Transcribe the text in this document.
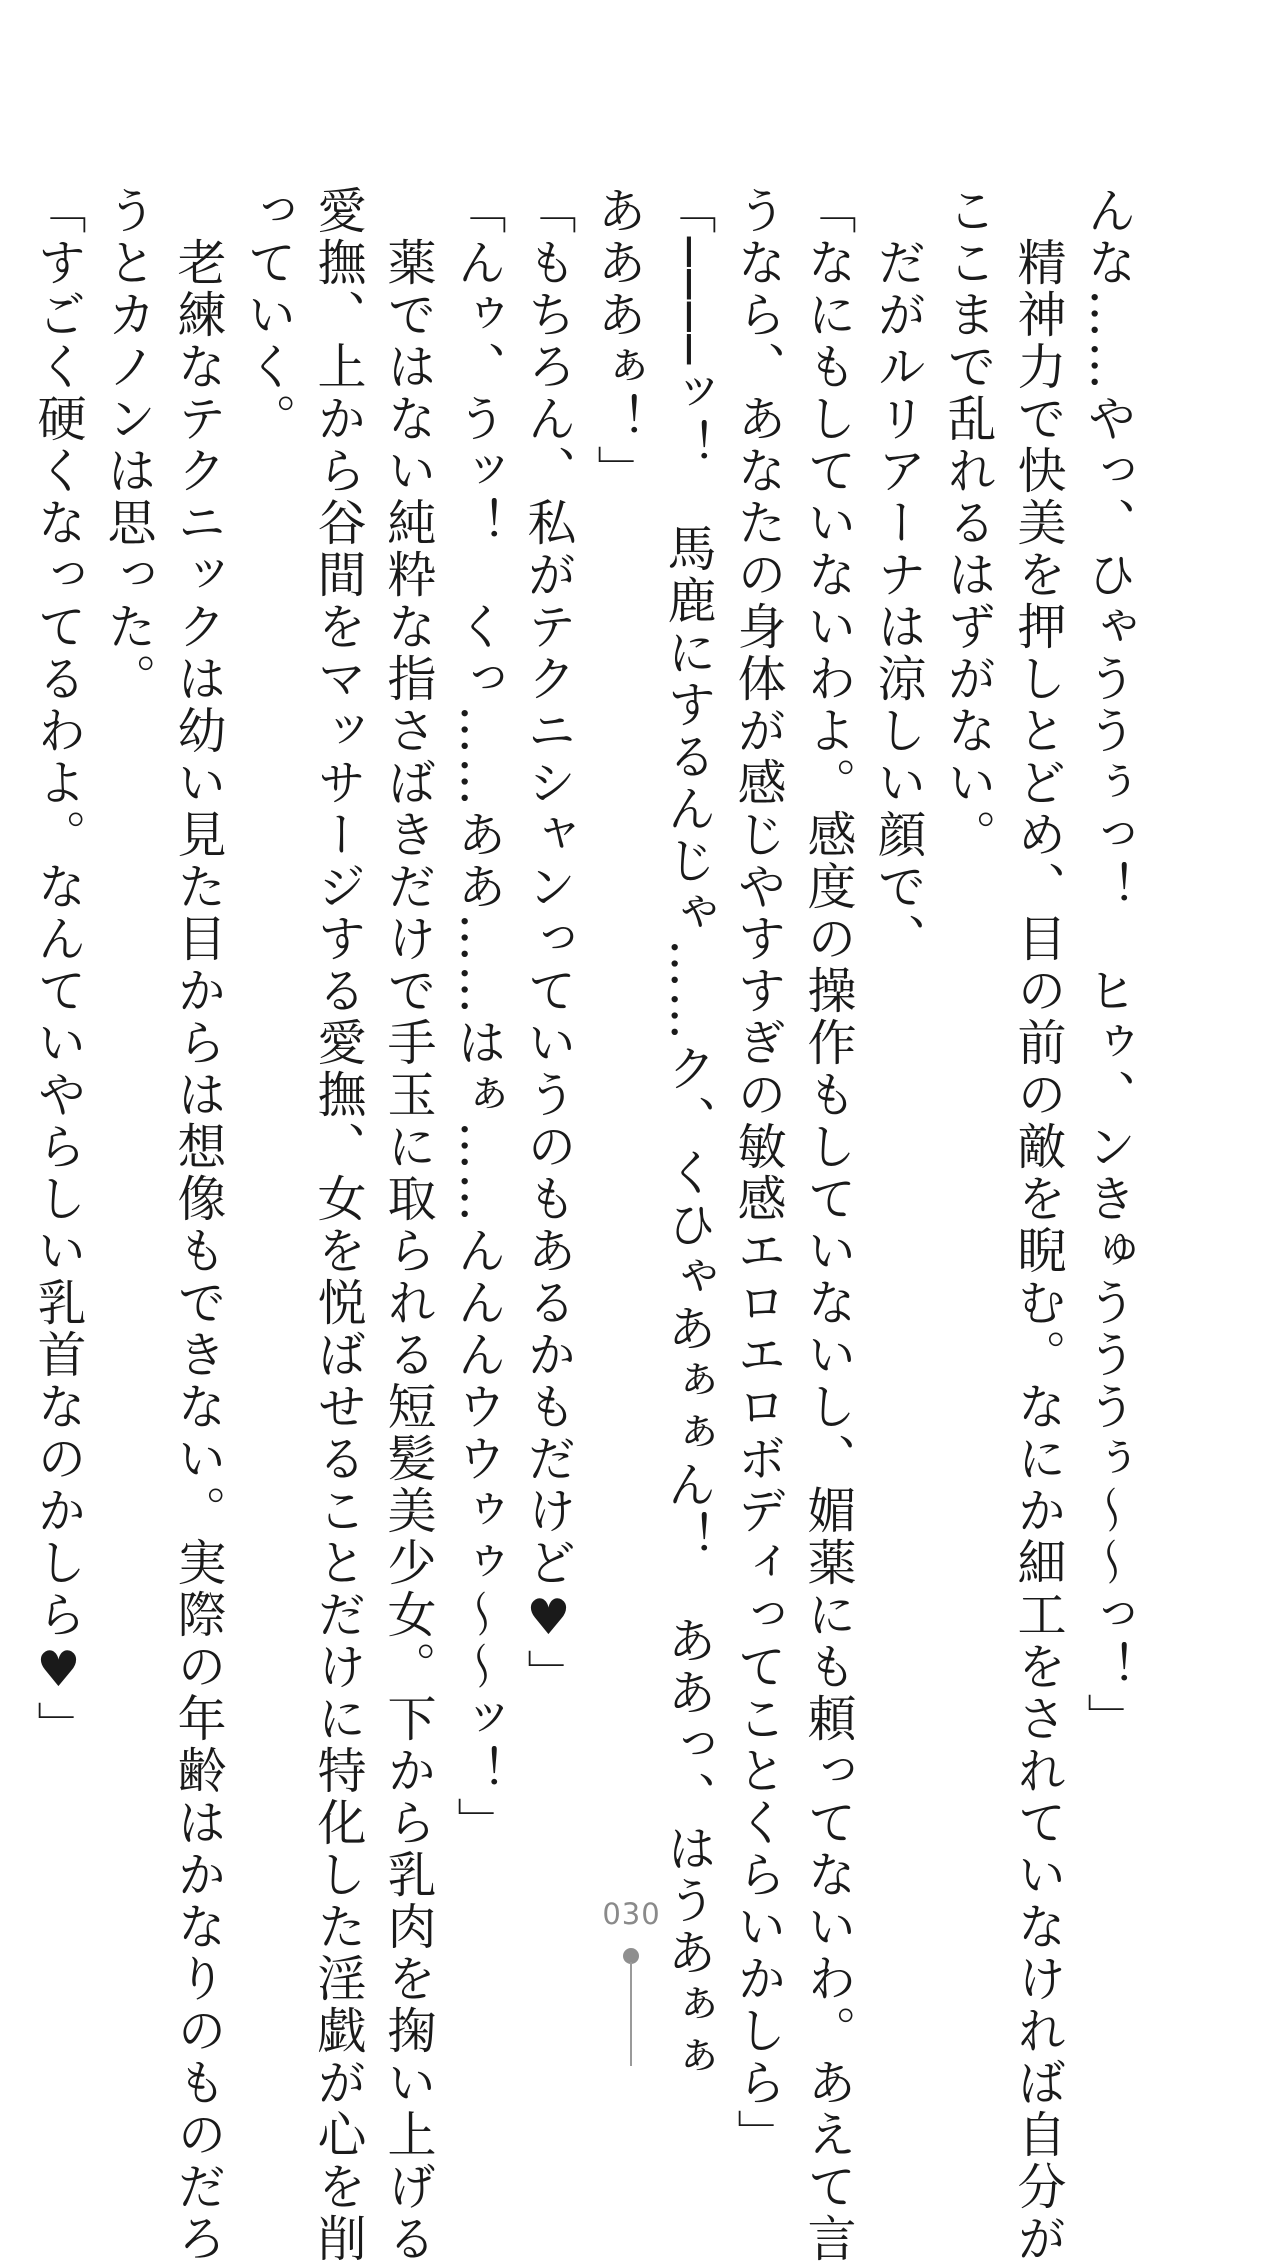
んな……やっ、ひゃううぅっ！　ヒゥ、ンきゅうううぅ〜〜っ！」
　精神力で快美を押しとどめ、目の前の敵を睨む。なにか細工をされていなければ自分が
ここまで乱れるはずがない。
　だがルリアーナは涼しい顔で、
「なにもしていないわよ。感度の操作もしていないし、媚薬にも頼ってないわ。あえて言
うなら、あなたの身体が感じやすすぎの敏感エロエロボディってことくらいかしら」
「────ッ！　馬鹿にするんじゃ……ク、くひゃあぁぁん！　ああっ、はうあぁぁ
あああぁ！」
「もちろん、私がテクニシャンっていうのもあるかもだけど♥」
「んゥ、うッ！　くっ……ああ……はぁ……んんんウウゥゥ〜〜ッ！」
　薬ではない純粋な指さばきだけで手玉に取られる短髪美少女。下から乳肉を掬い上げる
愛撫、上から谷間をマッサージする愛撫、女を悦ばせることだけに特化した淫戯が心を削
っていく。
　老練なテクニックは幼い見た目からは想像もできない。実際の年齢はかなりのものだろ
うとカノンは思った。
「すごく硬くなってるわよ。なんていやらしい乳首なのかしら♥」
030
